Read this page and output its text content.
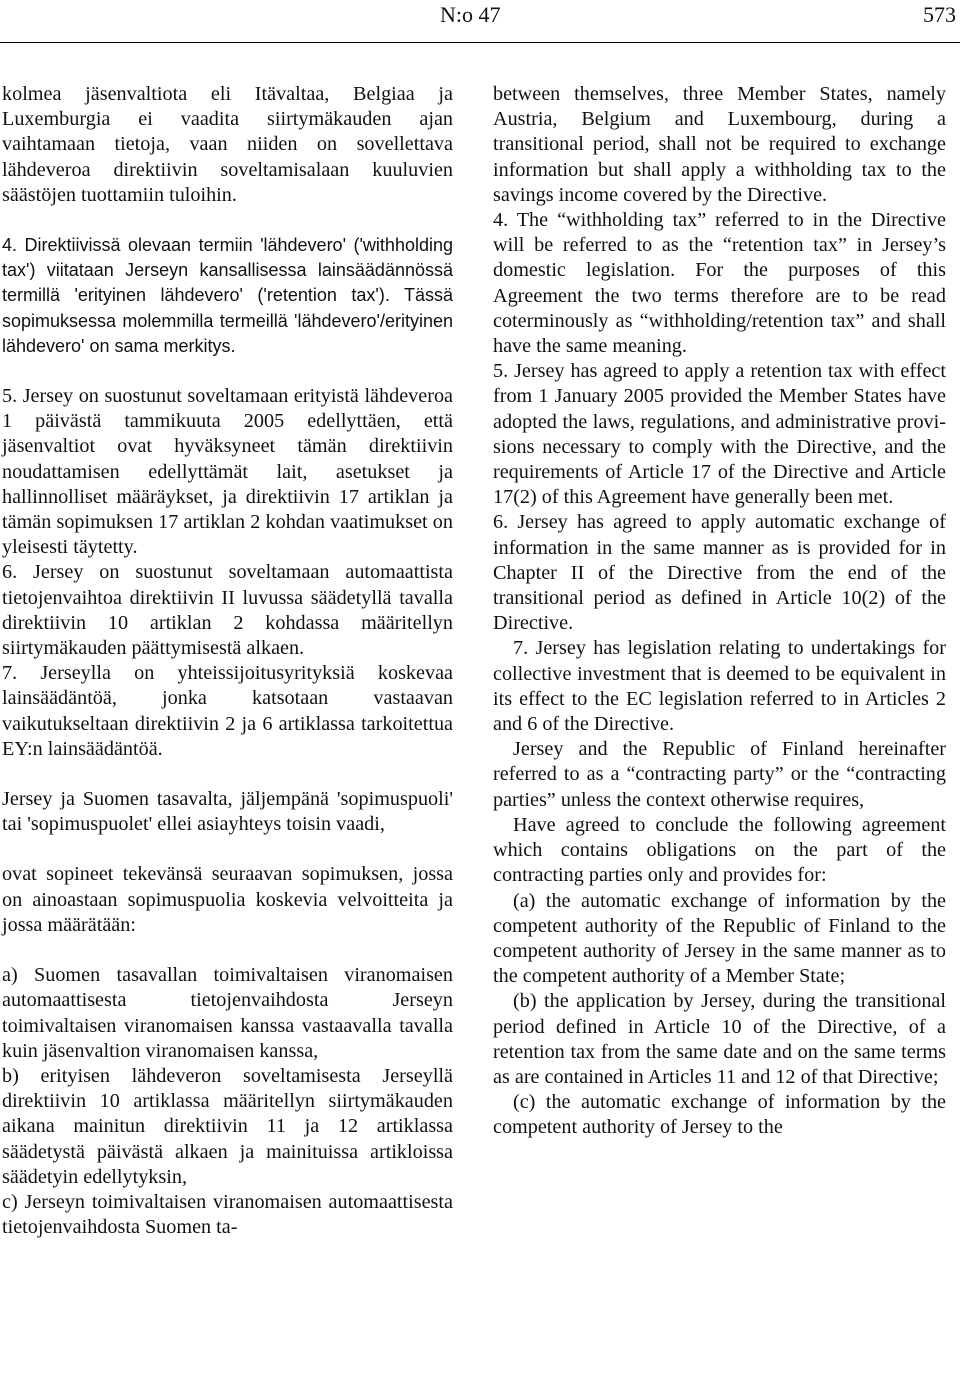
N:o 47	573

kolmea jäsenvaltiota eli Itävaltaa, Belgiaa ja Luxemburgia ei vaadita siirtymäkauden ajan vaihtamaan tietoja, vaan niiden on sovellettava lähdeveroa direktiivin soveltamisalaan kuuluvien säästöjen tuottamiin tuloihin.

4. Direktiivissä olevaan termiin 'lähdevero' ('withholding tax') viitataan Jerseyn kansallisessa lainsäädännössä termillä 'erityinen lähdevero' ('retention tax'). Tässä sopimuksessa molemmilla termeillä 'lähdevero'/erityinen lähdevero' on sama merkitys.

5. Jersey on suostunut soveltamaan erityistä lähdeveroa 1 päivästä tammikuuta 2005 edellyttäen, että jäsenvaltiot ovat hyväksyneet tämän direktiivin noudattamisen edellyttämät lait, asetukset ja hallinnolliset määräykset, ja direktiivin 17 artiklan ja tämän sopimuksen 17 artiklan 2 kohdan vaatimukset on yleisesti täytetty.

6. Jersey on suostunut soveltamaan automaattista tietojenvaihtoa direktiivin II luvussa säädetyllä tavalla direktiivin 10 artiklan 2 kohdassa määritellyn siirtymäkauden päättymisestä alkaen.

7. Jerseylla on yhteissijoitusyrityksiä koskevaa lainsäädäntöä, jonka katsotaan vastaavan vaikutukseltaan direktiivin 2 ja 6 artiklassa tarkoitettua EY:n lainsäädäntöä.

Jersey ja Suomen tasavalta, jäljempänä 'sopimuspuoli' tai 'sopimuspuolet' ellei asiayhteys toisin vaadi,

ovat sopineet tekevänsä seuraavan sopimuksen, jossa on ainoastaan sopimuspuolia koskevia velvoitteita ja jossa määrätään:

a) Suomen tasavallan toimivaltaisen viranomaisen automaattisesta tietojenvaihdosta Jerseyn toimivaltaisen viranomaisen kanssa vastaavalla tavalla kuin jäsenvaltion viranomaisen kanssa,

b) erityisen lähdeveron soveltamisesta Jerseyllä direktiivin 10 artiklassa määritellyn siirtymäkauden aikana mainitun direktiivin 11 ja 12 artiklassa säädetystä päivästä alkaen ja mainituissa artikloissa säädetyin edellytyksin,

c) Jerseyn toimivaltaisen viranomaisen automaattisesta tietojenvaihdosta Suomen ta-

between themselves, three Member States, namely Austria, Belgium and Luxembourg, during a transitional period, shall not be required to exchange information but shall apply a withholding tax to the savings income covered by the Directive.

4. The “withholding tax” referred to in the Directive will be referred to as the “retention tax” in Jersey’s domestic legislation. For the purposes of this Agreement the two terms therefore are to be read coterminously as “withholding/retention tax” and shall have the same meaning.

5. Jersey has agreed to apply a retention tax with effect from 1 January 2005 provided the Member States have adopted the laws, regulations, and administrative provisions necessary to comply with the Directive, and the requirements of Article 17 of the Directive and Article 17(2) of this Agreement have generally been met.

6. Jersey has agreed to apply automatic exchange of information in the same manner as is provided for in Chapter II of the Directive from the end of the transitional period as defined in Article 10(2) of the Directive.

7. Jersey has legislation relating to undertakings for collective investment that is deemed to be equivalent in its effect to the EC legislation referred to in Articles 2 and 6 of the Directive.

Jersey and the Republic of Finland hereinafter referred to as a “contracting party” or the “contracting parties” unless the context otherwise requires,

Have agreed to conclude the following agreement which contains obligations on the part of the contracting parties only and provides for:

(a) the automatic exchange of information by the competent authority of the Republic of Finland to the competent authority of Jersey in the same manner as to the competent authority of a Member State;

(b) the application by Jersey, during the transitional period defined in Article 10 of the Directive, of a retention tax from the same date and on the same terms as are contained in Articles 11 and 12 of that Directive;

(c) the automatic exchange of information by the competent authority of Jersey to the
